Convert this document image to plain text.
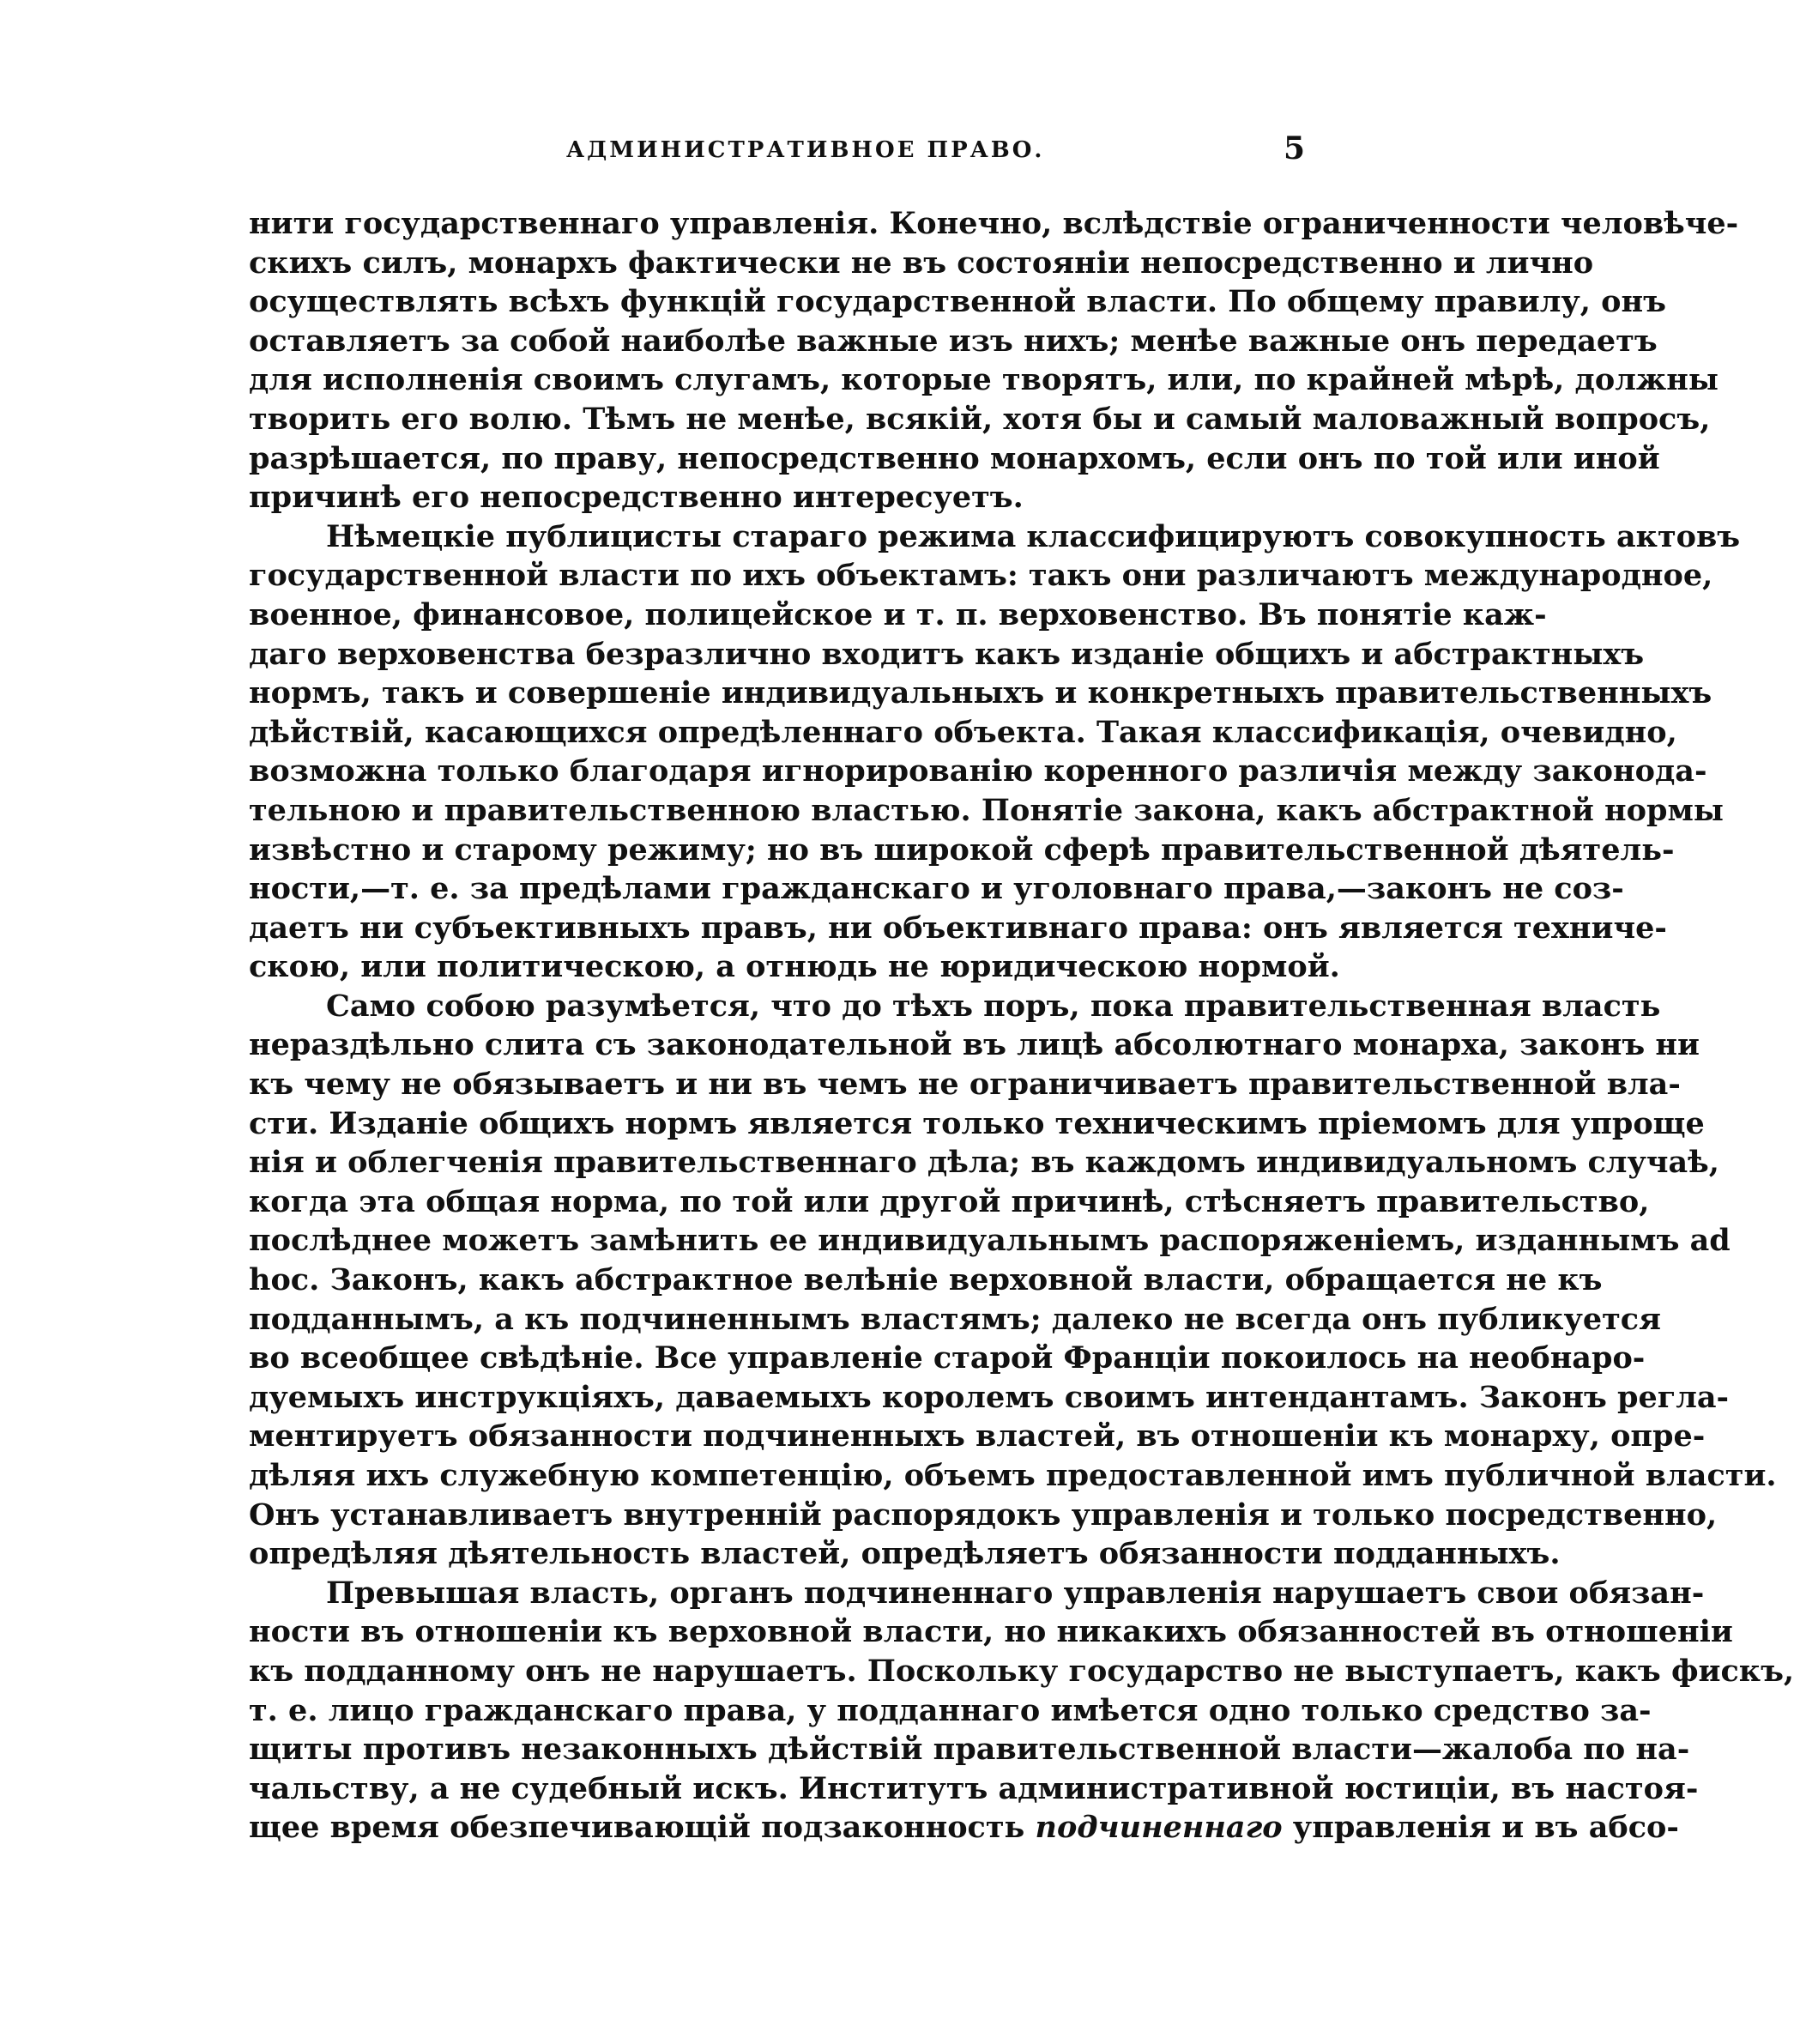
АДМИНИСТРАТИВНОЕ ПРАВО.	5
нити государственнаго управленія. Конечно, вслѣдствіе ограниченности человѣче-
скихъ силъ, монархъ фактически не въ состояніи непосредственно и лично
осуществлять всѣхъ функцій государственной власти. По общему правилу, онъ
оставляетъ за собой наиболѣе важные изъ нихъ; менѣе важные онъ передаетъ
для исполненія своимъ слугамъ, которые творятъ, или, по крайней мѣрѣ, должны
творить его волю. Тѣмъ не менѣе, всякій, хотя бы и самый маловажный вопросъ,
разрѣшается, по праву, непосредственно монархомъ, если онъ по той или иной
причинѣ его непосредственно интересуетъ.
Нѣмецкіе публицисты стараго режима классифицируютъ совокупность актовъ
государственной власти по ихъ объектамъ: такъ они различаютъ международное,
военное, финансовое, полицейское и т. п. верховенство. Въ понятіе каж-
даго верховенства безразлично входитъ какъ изданіе общихъ и абстрактныхъ
нормъ, такъ и совершеніе индивидуальныхъ и конкретныхъ правительственныхъ
дѣйствій, касающихся опредѣленнаго объекта. Такая классификація, очевидно,
возможна только благодаря игнорированію коренного различія между законода-
тельною и правительственною властью. Понятіе закона, какъ абстрактной нормы
извѣстно и старому режиму; но въ широкой сферѣ правительственной дѣятель-
ности,—т. е. за предѣлами гражданскаго и уголовнаго права,—законъ не соз-
даетъ ни субъективныхъ правъ, ни объективнаго права: онъ является техниче-
скою, или политическою, а отнюдь не юридическою нормой.
Само собою разумѣется, что до тѣхъ поръ, пока правительственная власть
нераздѣльно слита съ законодательной въ лицѣ абсолютнаго монарха, законъ ни
къ чему не обязываетъ и ни въ чемъ не ограничиваетъ правительственной вла-
сти. Изданіе общихъ нормъ является только техническимъ пріемомъ для упроще
нія и облегченія правительственнаго дѣла; въ каждомъ индивидуальномъ случаѣ,
когда эта общая норма, по той или другой причинѣ, стѣсняетъ правительство,
послѣднее можетъ замѣнить ее индивидуальнымъ распоряженіемъ, изданнымъ ad
hoc. Законъ, какъ абстрактное велѣніе верховной власти, обращается не къ
подданнымъ, а къ подчиненнымъ властямъ; далеко не всегда онъ публикуется
во всеобщее свѣдѣніе. Все управленіе старой Франціи покоилось на необнаро-
дуемыхъ инструкціяхъ, даваемыхъ королемъ своимъ интендантамъ. Законъ регла-
ментируетъ обязанности подчиненныхъ властей, въ отношеніи къ монарху, опре-
дѣляя ихъ служебную компетенцію, объемъ предоставленной имъ публичной власти.
Онъ устанавливаетъ внутренній распорядокъ управленія и только посредственно,
опредѣляя дѣятельность властей, опредѣляетъ обязанности подданныхъ.
Превышая власть, органъ подчиненнаго управленія нарушаетъ свои обязан-
ности въ отношеніи къ верховной власти, но никакихъ обязанностей въ отношеніи
къ подданному онъ не нарушаетъ. Поскольку государство не выступаетъ, какъ фискъ,
т. е. лицо гражданскаго права, у подданнаго имѣется одно только средство за-
щиты противъ незаконныхъ дѣйствій правительственной власти—жалоба по на-
чальству, а не судебный искъ. Институтъ административной юстиціи, въ настоя-
щее время обезпечивающій подзаконность подчиненнаго управленія и въ абсо-
